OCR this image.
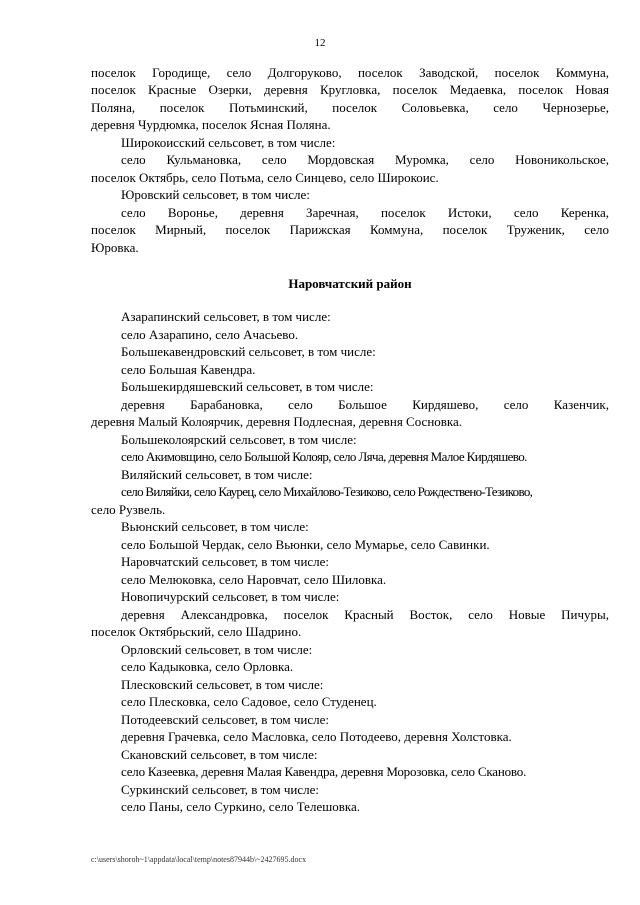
12
поселок Городище, село Долгоруково, поселок Заводской, поселок Коммуна,
поселок Красные Озерки, деревня Кругловка, поселок Медаевка, поселок Новая
Поляна, поселок Потьминский, поселок Соловьевка, село Чернозерье,
деревня Чурдюмка, поселок Ясная Поляна.
Широкоисский сельсовет, в том числе:
село Кульмановка, село Мордовская Муромка, село Новоникольское,
поселок Октябрь, село Потьма, село Синцево, село Широкоис.
Юровский сельсовет, в том числе:
село Воронье, деревня Заречная, поселок Истоки, село Керенка,
поселок Мирный, поселок Парижская Коммуна, поселок Труженик, село
Юровка.
Наровчатский район
Азарапинский сельсовет, в том числе:
село Азарапино, село Ачасьево.
Большекавендровский сельсовет, в том числе:
село Большая Кавендра.
Большекирдяшевский сельсовет, в том числе:
деревня Барабановка, село Большое Кирдяшево, село Казенчик,
деревня Малый Колоярчик, деревня Подлесная, деревня Сосновка.
Большеколоярский сельсовет, в том числе:
село Акимовщино, село Большой Колояр, село Ляча, деревня Малое Кирдяшево.
Виляйский сельсовет, в том числе:
село Виляйки, село Каурец, село Михайлово-Тезиково, село Рождествено-Тезиково,
село Рузвель.
Вьюнский сельсовет, в том числе:
село Большой Чердак, село Вьюнки, село Мумарье, село Савинки.
Наровчатский сельсовет, в том числе:
село Мелюковка, село Наровчат, село Шиловка.
Новопичурский сельсовет, в том числе:
деревня Александровка, поселок Красный Восток, село Новые Пичуры,
поселок Октябрьский, село Шадрино.
Орловский сельсовет, в том числе:
село Кадыковка, село Орловка.
Плесковский сельсовет, в том числе:
село Плесковка, село Садовое, село Студенец.
Потодеевский сельсовет, в том числе:
деревня Грачевка, село Масловка, село Потодеево, деревня Холстовка.
Скановский сельсовет, в том числе:
село Казеевка, деревня Малая Кавендра, деревня Морозовка, село Сканово.
Суркинский сельсовет, в том числе:
село Паны, село Суркино, село Телешовка.
c:\users\shoroh~1\appdata\local\temp\notes87944b\~2427695.docx
